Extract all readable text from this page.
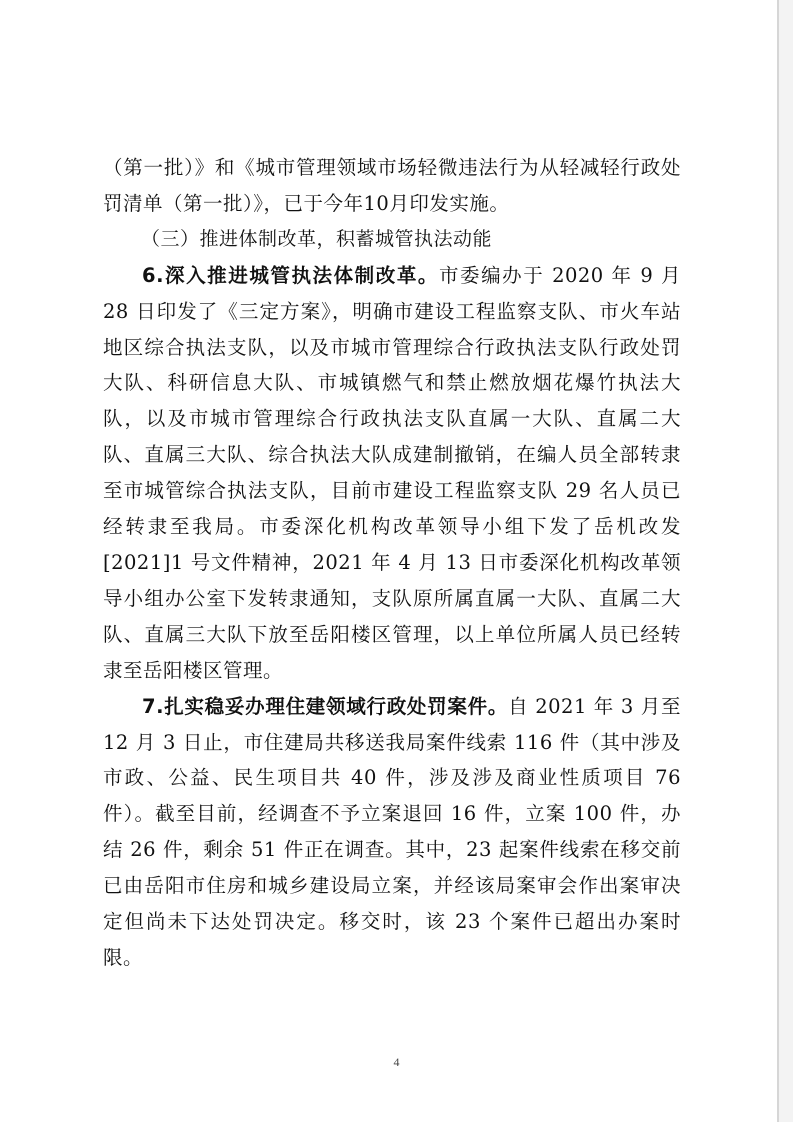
（第一批）》和《城市管理领域市场轻微违法行为从轻减轻行政处罚清单（第一批）》，已于今年10月印发实施。

（三）推进体制改革，积蓄城管执法动能

6.深入推进城管执法体制改革。市委编办于 2020 年 9 月 28 日印发了《三定方案》，明确市建设工程监察支队、市火车站地区综合执法支队，以及市城市管理综合行政执法支队行政处罚大队、科研信息大队、市城镇燃气和禁止燃放烟花爆竹执法大队，以及市城市管理综合行政执法支队直属一大队、直属二大队、直属三大队、综合执法大队成建制撤销，在编人员全部转隶至市城管综合执法支队，目前市建设工程监察支队 29 名人员已经转隶至我局。市委深化机构改革领导小组下发了岳机改发[2021]1 号文件精神，2021 年 4 月 13 日市委深化机构改革领导小组办公室下发转隶通知，支队原所属直属一大队、直属二大队、直属三大队下放至岳阳楼区管理，以上单位所属人员已经转隶至岳阳楼区管理。

7.扎实稳妥办理住建领域行政处罚案件。自 2021 年 3 月至 12 月 3 日止，市住建局共移送我局案件线索 116 件（其中涉及市政、公益、民生项目共 40 件，涉及涉及商业性质项目 76 件）。截至目前，经调查不予立案退回 16 件，立案 100 件，办结 26 件，剩余 51 件正在调查。其中，23 起案件线索在移交前已由岳阳市住房和城乡建设局立案，并经该局案审会作出案审决定但尚未下达处罚决定。移交时，该 23 个案件已超出办案时限。

4
